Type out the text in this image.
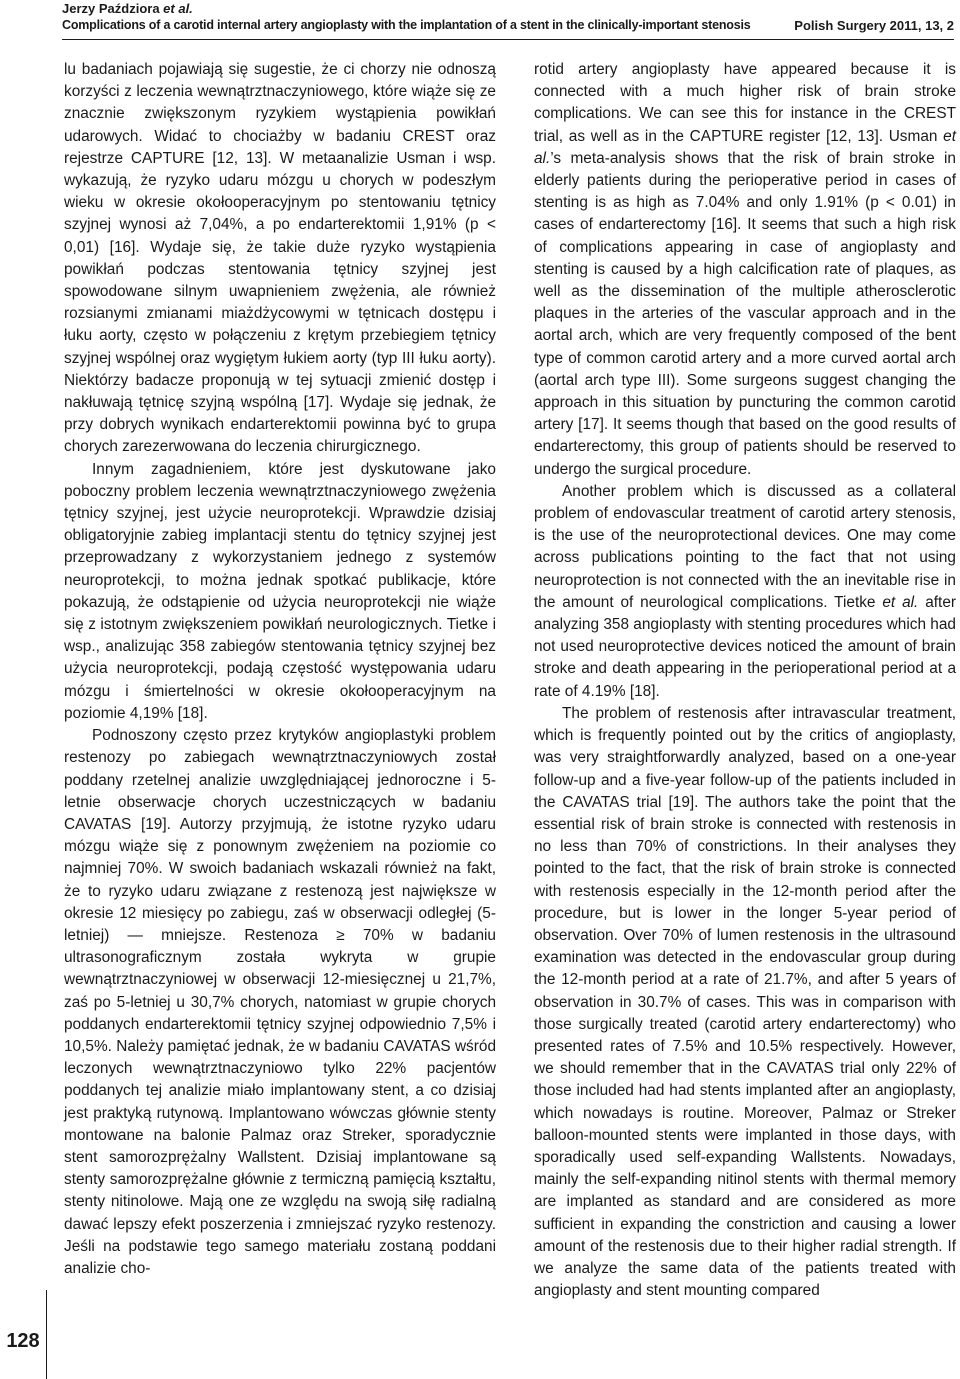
Jerzy Paździora et al.
Complications of a carotid internal artery angioplasty with the implantation of a stent in the clinically-important stenosis	Polish Surgery 2011, 13, 2

lu badaniach pojawiają się sugestie, że ci chorzy nie odnoszą korzyści z leczenia wewnątrztnaczyniowego, które wiąże się ze znacznie zwiększonym ryzykiem wystąpienia powikłań udarowych. Widać to chociażby w badaniu CREST oraz rejestrze CAPTURE [12, 13]. W metaanalizie Usman i wsp. wykazują, że ryzyko udaru mózgu u chorych w podeszłym wieku w okresie okołooperacyjnym po stentowaniu tętnicy szyjnej wynosi aż 7,04%, a po endarterektomii 1,91% (p < 0,01) [16]. Wydaje się, że takie duże ryzyko wystąpienia powikłań podczas stentowania tętnicy szyjnej jest spowodowane silnym uwapnieniem zwężenia, ale również rozsianymi zmianami miażdżycowymi w tętnicach dostępu i łuku aorty, często w połączeniu z krętym przebiegiem tętnicy szyjnej wspólnej oraz wygiętym łukiem aorty (typ III łuku aorty). Niektórzy badacze proponują w tej sytuacji zmienić dostęp i nakłuwają tętnicę szyjną wspólną [17]. Wydaje się jednak, że przy dobrych wynikach endarterektomii powinna być to grupa chorych zarezerwowana do leczenia chirurgicznego.

Innym zagadnieniem, które jest dyskutowane jako poboczny problem leczenia wewnątrztnaczyniowego zwężenia tętnicy szyjnej, jest użycie neuroprotekcji. Wprawdzie dzisiaj obligatoryjnie zabieg implantacji stentu do tętnicy szyjnej jest przeprowadzany z wykorzystaniem jednego z systemów neuroprotekcji, to można jednak spotkać publikacje, które pokazują, że odstąpienie od użycia neuroprotekcji nie wiąże się z istotnym zwiększeniem powikłań neurologicznych. Tietke i wsp., analizując 358 zabiegów stentowania tętnicy szyjnej bez użycia neuroprotekcji, podają częstość występowania udaru mózgu i śmiertelności w okresie okołooperacyjnym na poziomie 4,19% [18].

Podnoszony często przez krytyków angioplastyki problem restenozy po zabiegach wewnątrztnaczyniowych został poddany rzetelnej analizie uwzględniającej jednoroczne i 5-letnie obserwacje chorych uczestniczących w badaniu CAVATAS [19]. Autorzy przyjmują, że istotne ryzyko udaru mózgu wiąże się z ponownym zwężeniem na poziomie co najmniej 70%. W swoich badaniach wskazali również na fakt, że to ryzyko udaru związane z restenozą jest największe w okresie 12 miesięcy po zabiegu, zaś w obserwacji odległej (5-letniej) — mniejsze. Restenoza ≥ 70% w badaniu ultrasonograficznym została wykryta w grupie wewnątrztnaczyniowej w obserwacji 12-miesięcznej u 21,7%, zaś po 5-letniej u 30,7% chorych, natomiast w grupie chorych poddanych endarterektomii tętnicy szyjnej odpowiednio 7,5% i 10,5%. Należy pamiętać jednak, że w badaniu CAVATAS wśród leczonych wewnątrztnaczyniowo tylko 22% pacjentów poddanych tej analizie miało implantowany stent, a co dzisiaj jest praktyką rutynową. Implantowano wówczas głównie stenty montowane na balonie Palmaz oraz Streker, sporadycznie stent samorozprężalny Wallstent. Dzisiaj implantowane są stenty samorozprężalne głównie z termiczną pamięcią kształtu, stenty nitinolowe. Mają one ze względu na swoją siłę radialną dawać lepszy efekt poszerzenia i zmniejszać ryzyko restenozy. Jeśli na podstawie tego samego materiału zostaną poddani analizie cho-

rotid artery angioplasty have appeared because it is connected with a much higher risk of brain stroke complications. We can see this for instance in the CREST trial, as well as in the CAPTURE register [12, 13]. Usman et al.’s meta-analysis shows that the risk of brain stroke in elderly patients during the perioperative period in cases of stenting is as high as 7.04% and only 1.91% (p < 0.01) in cases of endarterectomy [16]. It seems that such a high risk of complications appearing in case of angioplasty and stenting is caused by a high calcification rate of plaques, as well as the dissemination of the multiple atherosclerotic plaques in the arteries of the vascular approach and in the aortal arch, which are very frequently composed of the bent type of common carotid artery and a more curved aortal arch (aortal arch type III). Some surgeons suggest changing the approach in this situation by puncturing the common carotid artery [17]. It seems though that based on the good results of endarterectomy, this group of patients should be reserved to undergo the surgical procedure.

Another problem which is discussed as a collateral problem of endovascular treatment of carotid artery stenosis, is the use of the neuroprotectional devices. One may come across publications pointing to the fact that not using neuroprotection is not connected with the an inevitable rise in the amount of neurological complications. Tietke et al. after analyzing 358 angioplasty with stenting procedures which had not used neuroprotective devices noticed the amount of brain stroke and death appearing in the perioperational period at a rate of 4.19% [18].

The problem of restenosis after intravascular treatment, which is frequently pointed out by the critics of angioplasty, was very straightforwardly analyzed, based on a one-year follow-up and a five-year follow-up of the patients included in the CAVATAS trial [19]. The authors take the point that the essential risk of brain stroke is connected with restenosis in no less than 70% of constrictions. In their analyses they pointed to the fact, that the risk of brain stroke is connected with restenosis especially in the 12-month period after the procedure, but is lower in the longer 5-year period of observation. Over 70% of lumen restenosis in the ultrasound examination was detected in the endovascular group during the 12-month period at a rate of 21.7%, and after 5 years of observation in 30.7% of cases. This was in comparison with those surgically treated (carotid artery endarterectomy) who presented rates of 7.5% and 10.5% respectively. However, we should remember that in the CAVATAS trial only 22% of those included had had stents implanted after an angioplasty, which nowadays is routine. Moreover, Palmaz or Streker balloon-mounted stents were implanted in those days, with sporadically used self-expanding Wallstents. Nowadays, mainly the self-expanding nitinol stents with thermal memory are implanted as standard and are considered as more sufficient in expanding the constriction and causing a lower amount of the restenosis due to their higher radial strength. If we analyze the same data of the patients treated with angioplasty and stent mounting compared

128
